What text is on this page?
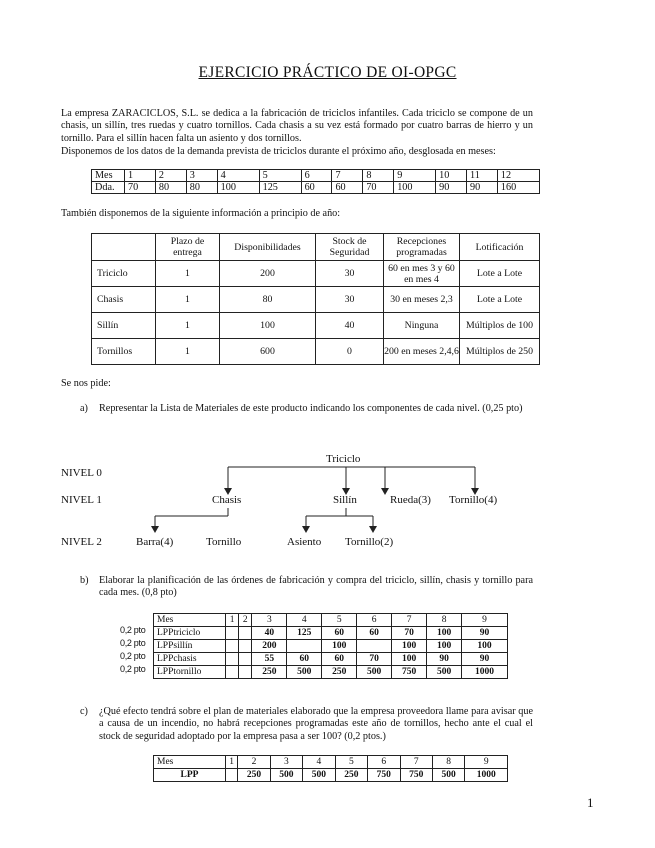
EJERCICIO PRÁCTICO DE OI-OPGC
La empresa ZARACICLOS, S.L. se dedica a la fabricación de triciclos infantiles. Cada triciclo se compone de un chasis, un sillín, tres ruedas y cuatro tornillos. Cada chasis a su vez está formado por cuatro barras de hierro y un tornillo. Para el sillín hacen falta un asiento y dos tornillos.
Disponemos de los datos de la demanda prevista de triciclos durante el próximo año, desglosada en meses:
Mes	1	2	3	4	5	6	7	8	9	10	11	12
Dda.	70	80	80	100	125	60	60	70	100	90	90	160
También disponemos de la siguiente información a principio de año:
	Plazo de entrega	Disponibilidades	Stock de Seguridad	Recepciones programadas	Lotificación
Triciclo	1	200	30	60 en mes 3 y 60 en mes 4	Lote a Lote
Chasis	1	80	30	30 en meses 2,3	Lote a Lote
Sillín	1	100	40	Ninguna	Múltiplos de 100
Tornillos	1	600	0	200 en meses 2,4,6	Múltiplos de 250
Se nos pide:
a) Representar la Lista de Materiales de este producto indicando los componentes de cada nivel. (0,25 pto)
NIVEL 0
NIVEL 1
NIVEL 2
Triciclo
Chasis	Sillín	Rueda(3) Tornillo(4)
Barra(4)	Tornillo	Asiento Tornillo(2)
b) Elaborar la planificación de las órdenes de fabricación y compra del triciclo, sillín, chasis y tornillo para cada mes. (0,8 pto)
0,2 pto
0,2 pto
0,2 pto
0,2 pto
Mes	1	2	3	4	5	6	7	8	9
LPPtriciclo			40	125	60	60	70	100	90
LPPsillín			200		100		100	100	100
LPPchasis			55	60	60	70	100	90	90
LPPtornillo			250	500	250	500	750	500	1000
c) ¿Qué efecto tendrá sobre el plan de materiales elaborado que la empresa proveedora llame para avisar que a causa de un incendio, no habrá recepciones programadas este año de tornillos, hecho ante el cual el stock de seguridad adoptado por la empresa pasa a ser 100? (0,2 ptos.)
Mes	1	2	3	4	5	6	7	8	9
LPP		250	500	500	250	750	750	500	1000
1
